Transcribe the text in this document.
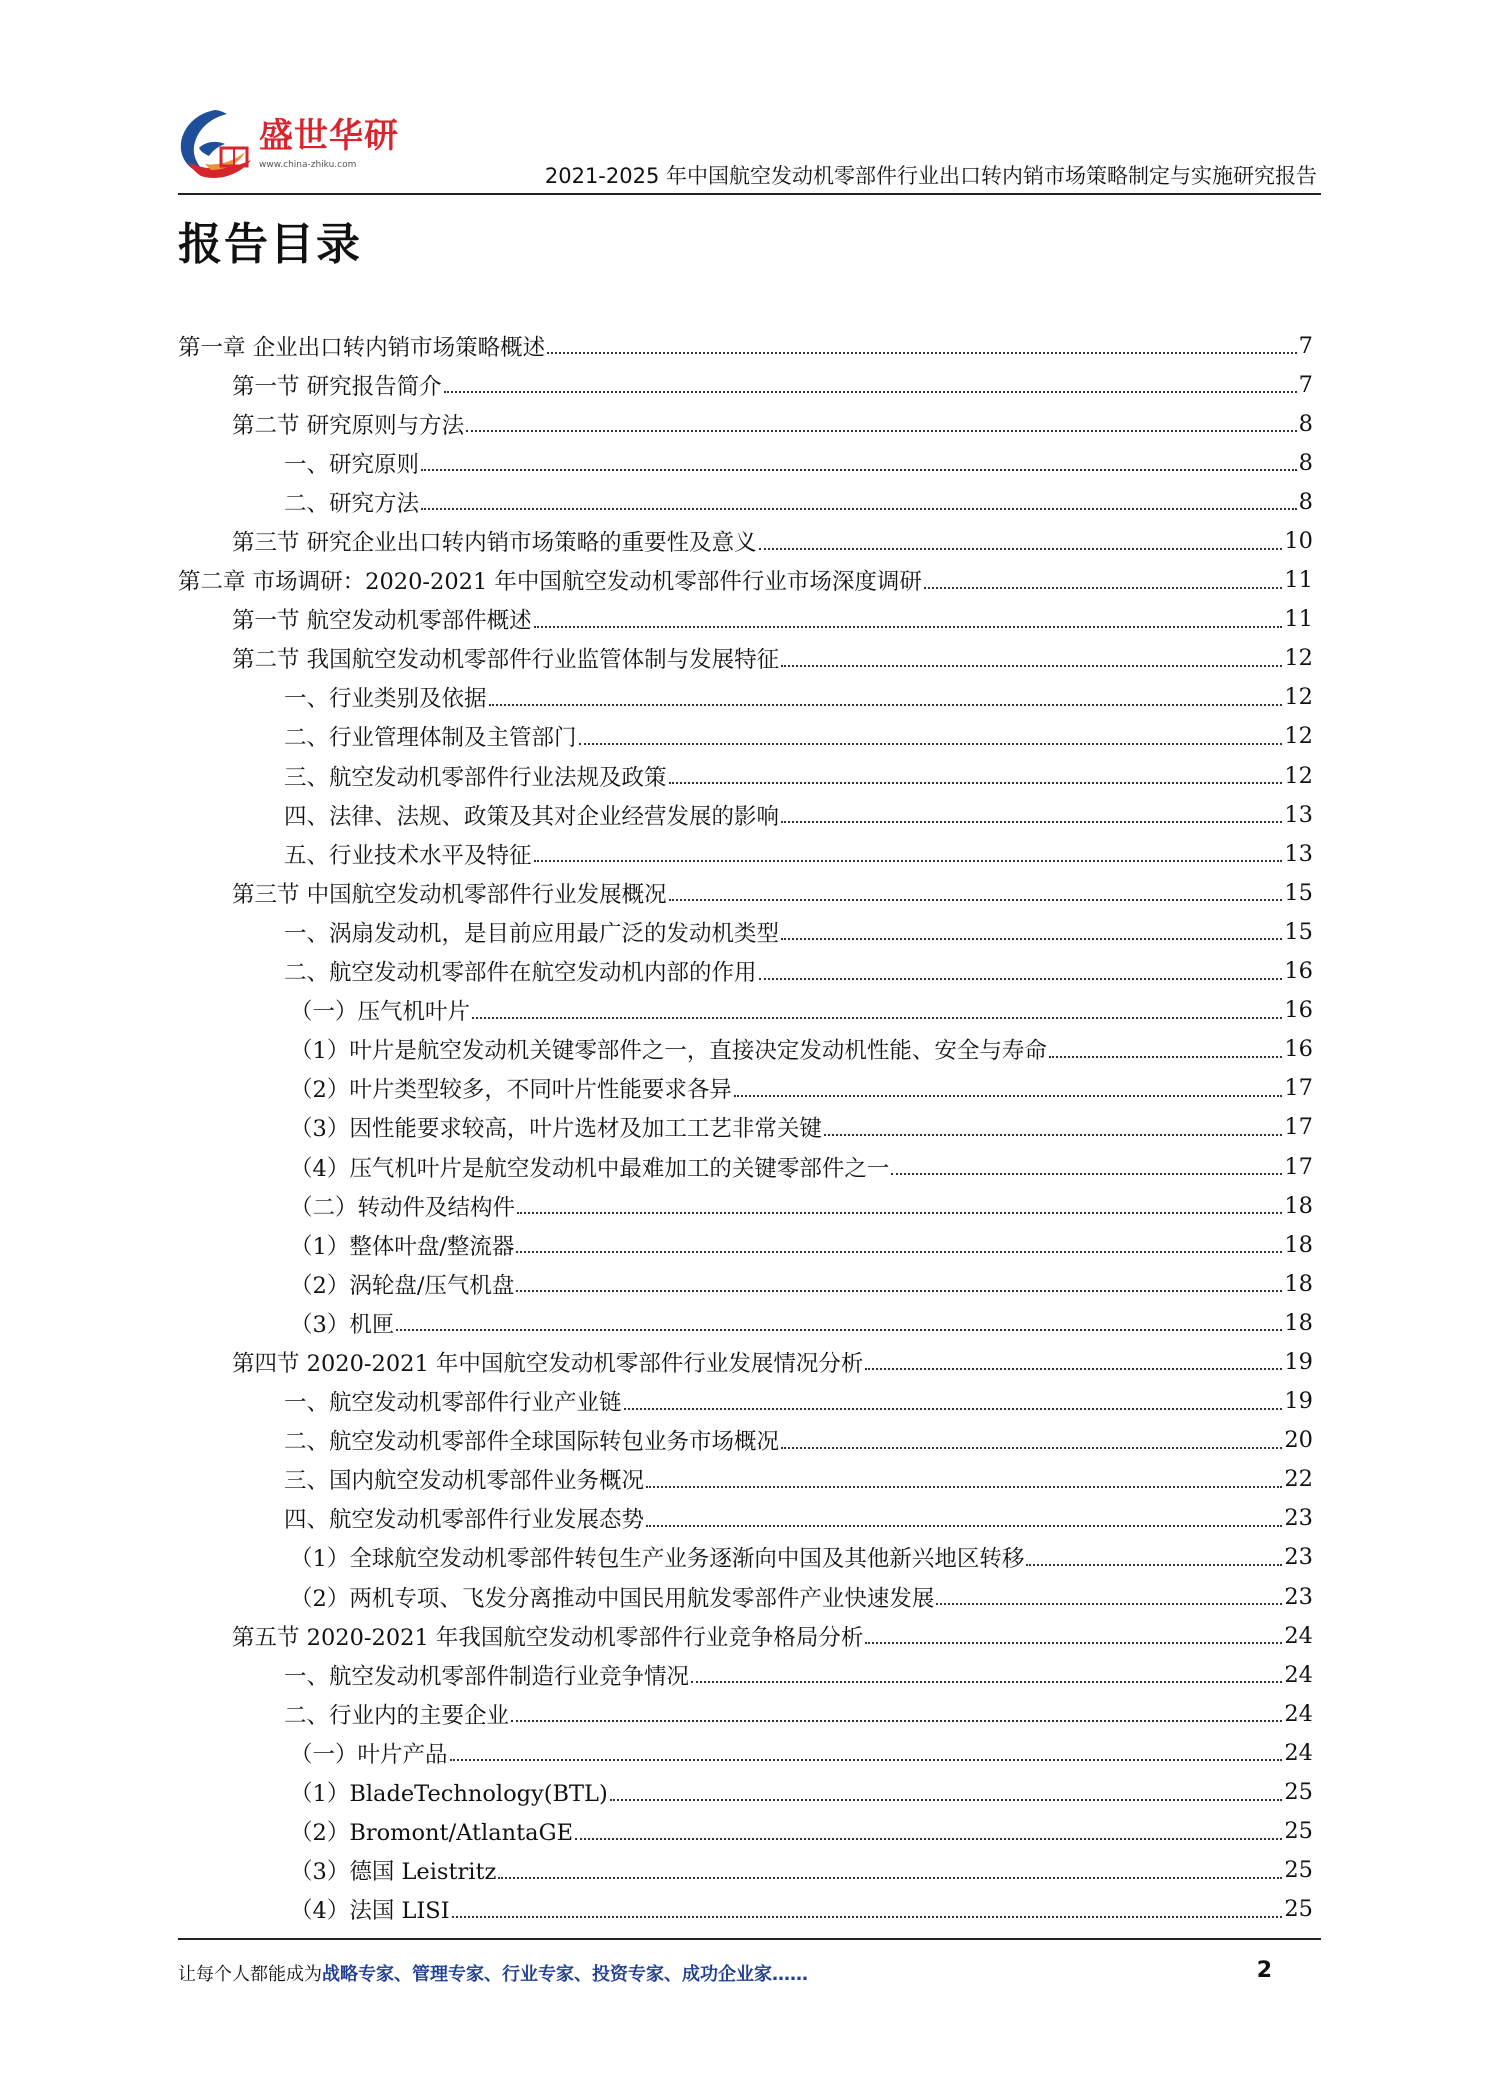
盛世华研
www.china-zhiku.com	2021-2025 年中国航空发动机零部件行业出口转内销市场策略制定与实施研究报告
报告目录
第一章 企业出口转内销市场策略概述	7
第一节 研究报告简介	7
第二节 研究原则与方法	8
一、研究原则	8
二、研究方法	8
第三节 研究企业出口转内销市场策略的重要性及意义	10
第二章 市场调研：2020-2021 年中国航空发动机零部件行业市场深度调研	11
第一节 航空发动机零部件概述	11
第二节 我国航空发动机零部件行业监管体制与发展特征	12
一、行业类别及依据	12
二、行业管理体制及主管部门	12
三、航空发动机零部件行业法规及政策	12
四、法律、法规、政策及其对企业经营发展的影响	13
五、行业技术水平及特征	13
第三节 中国航空发动机零部件行业发展概况	15
一、涡扇发动机，是目前应用最广泛的发动机类型	15
二、航空发动机零部件在航空发动机内部的作用	16
（一）压气机叶片	16
（1）叶片是航空发动机关键零部件之一，直接决定发动机性能、安全与寿命	16
（2）叶片类型较多，不同叶片性能要求各异	17
（3）因性能要求较高，叶片选材及加工工艺非常关键	17
（4）压气机叶片是航空发动机中最难加工的关键零部件之一	17
（二）转动件及结构件	18
（1）整体叶盘/整流器	18
（2）涡轮盘/压气机盘	18
（3）机匣	18
第四节 2020-2021 年中国航空发动机零部件行业发展情况分析	19
一、航空发动机零部件行业产业链	19
二、航空发动机零部件全球国际转包业务市场概况	20
三、国内航空发动机零部件业务概况	22
四、航空发动机零部件行业发展态势	23
（1）全球航空发动机零部件转包生产业务逐渐向中国及其他新兴地区转移	23
（2）两机专项、飞发分离推动中国民用航发零部件产业快速发展	23
第五节 2020-2021 年我国航空发动机零部件行业竞争格局分析	24
一、航空发动机零部件制造行业竞争情况	24
二、行业内的主要企业	24
（一）叶片产品	24
（1）BladeTechnology(BTL)	25
（2）Bromont/AtlantaGE	25
（3）德国 Leistritz	25
（4）法国 LISI	25
让每个人都能成为战略专家、管理专家、行业专家、投资专家、成功企业家……	2
